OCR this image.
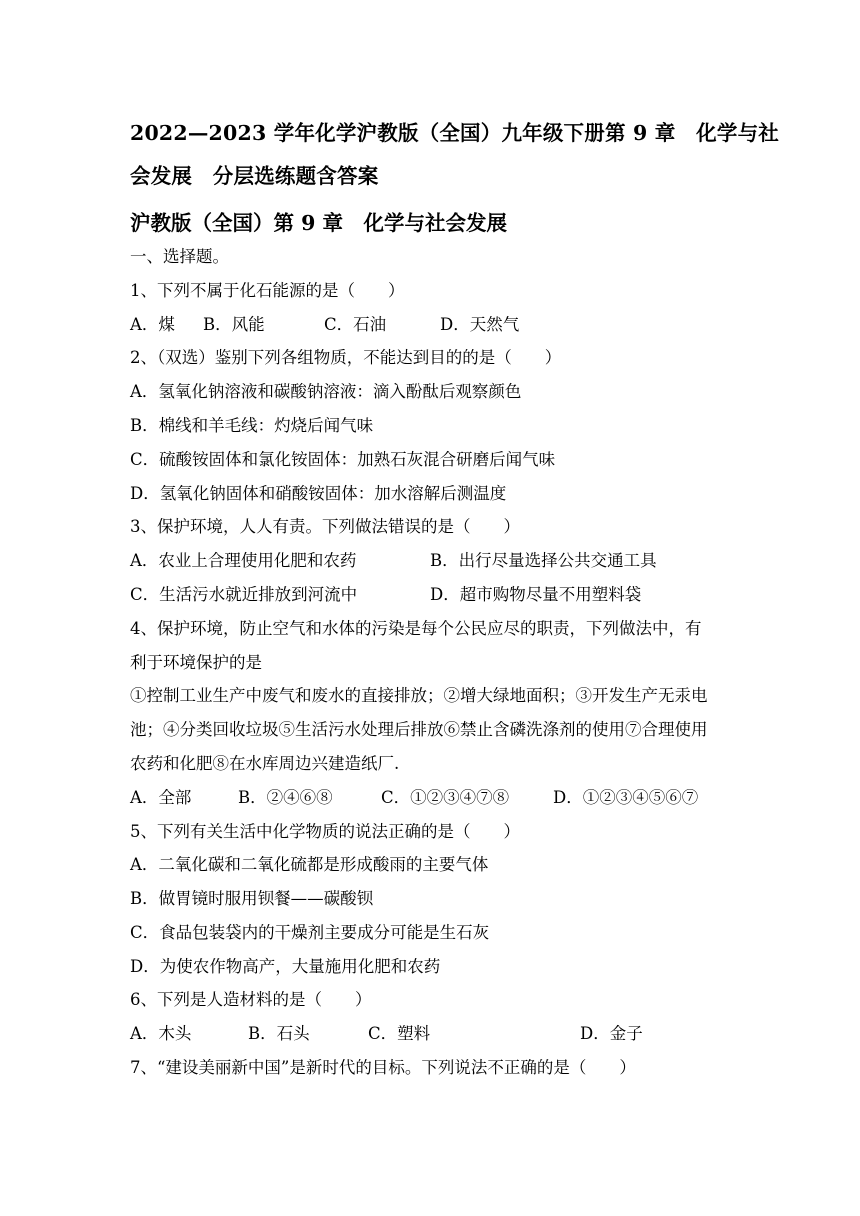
2022—2023 学年化学沪教版（全国）九年级下册第 9 章　化学与社
会发展　分层选练题含答案
沪教版（全国）第 9 章　化学与社会发展
一、选择题。
1、下列不属于化石能源的是（　　）
A．煤 B．风能	C．石油	D．天然气
2、（双选）鉴别下列各组物质，不能达到目的的是（　　）
A．氢氧化钠溶液和碳酸钠溶液：滴入酚酞后观察颜色
B．棉线和羊毛线：灼烧后闻气味
C．硫酸铵固体和氯化铵固体：加熟石灰混合研磨后闻气味
D．氢氧化钠固体和硝酸铵固体：加水溶解后测温度
3、保护环境，人人有责。下列做法错误的是（　　）
A．农业上合理使用化肥和农药	B．出行尽量选择公共交通工具
C．生活污水就近排放到河流中	D．超市购物尽量不用塑料袋
4、保护环境，防止空气和水体的污染是每个公民应尽的职责，下列做法中，有
利于环境保护的是
①控制工业生产中废气和废水的直接排放；②增大绿地面积；③开发生产无汞电
池；④分类回收垃圾⑤生活污水处理后排放⑥禁止含磷洗涤剂的使用⑦合理使用
农药和化肥⑧在水库周边兴建造纸厂.
A．全部	B．②④⑥⑧	C．①②③④⑦⑧	D．①②③④⑤⑥⑦
5、下列有关生活中化学物质的说法正确的是（　　）
A．二氧化碳和二氧化硫都是形成酸雨的主要气体
B．做胃镜时服用钡餐——碳酸钡
C．食品包装袋内的干燥剂主要成分可能是生石灰
D．为使农作物高产，大量施用化肥和农药
6、下列是人造材料的是（　　）
A．木头	B．石头	C．塑料	D．金子
7、“建设美丽新中国”是新时代的目标。下列说法不正确的是（　　）
